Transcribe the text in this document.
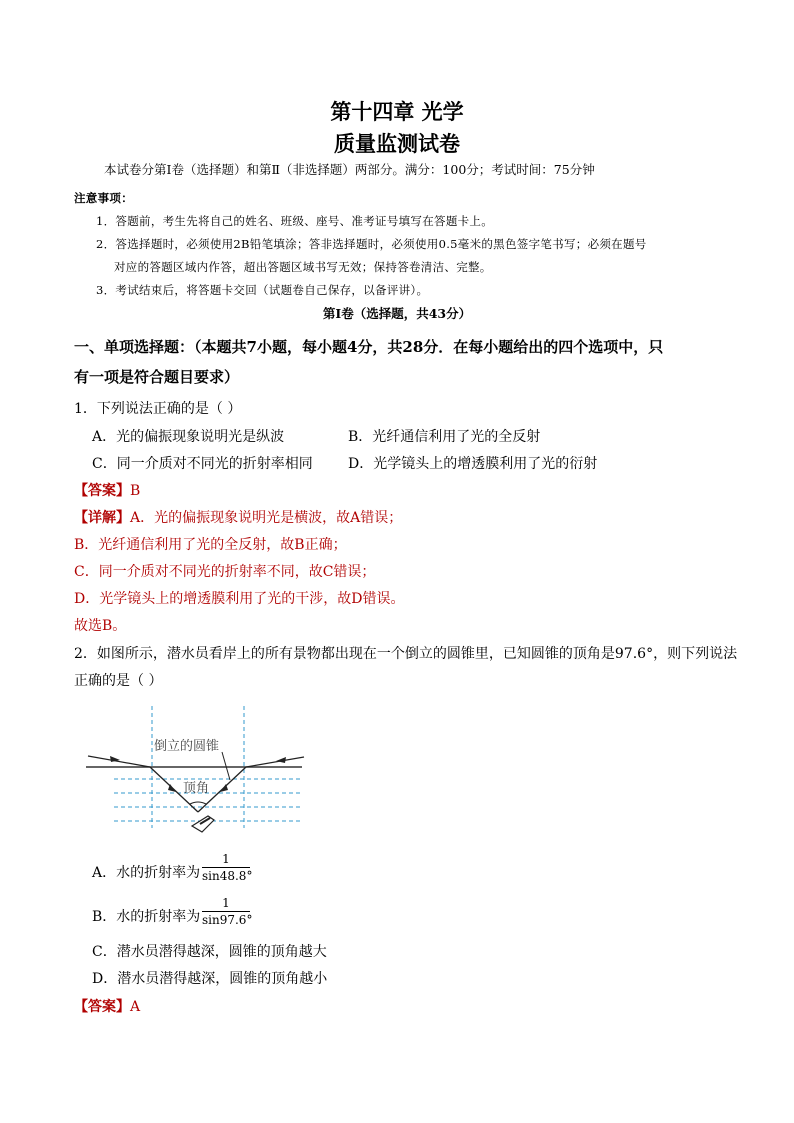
第十四章 光学
质量监测试卷
本试卷分第Ⅰ卷（选择题）和第Ⅱ（非选择题）两部分。满分：100分；考试时间：75分钟
注意事项：
1．答题前，考生先将自己的姓名、班级、座号、准考证号填写在答题卡上。
2．答选择题时，必须使用2B铅笔填涂；答非选择题时，必须使用0.5毫米的黑色签字笔书写；必须在题号
对应的答题区域内作答，超出答题区域书写无效；保持答卷清洁、完整。
3．考试结束后，将答题卡交回（试题卷自己保存，以备评讲）。
第Ⅰ卷（选择题，共43分）
一、单项选择题：（本题共7小题，每小题4分，共28分．在每小题给出的四个选项中，只
有一项是符合题目要求）
1．下列说法正确的是（ ）
A．光的偏振现象说明光是纵波	B．光纤通信利用了光的全反射
C．同一介质对不同光的折射率相同	D．光学镜头上的增透膜利用了光的衍射
【答案】B
【详解】A．光的偏振现象说明光是横波，故A错误；
B．光纤通信利用了光的全反射，故B正确；
C．同一介质对不同光的折射率不同，故C错误；
D．光学镜头上的增透膜利用了光的干涉，故D错误。
故选B。
2．如图所示，潜水员看岸上的所有景物都出现在一个倒立的圆锥里，已知圆锥的顶角是97.6°，则下列说法
正确的是（ ）
倒立的圆锥
顶角
A．水的折射率为
1
sin48.8°
B．水的折射率为
1
sin97.6°
C．潜水员潜得越深，圆锥的顶角越大
D．潜水员潜得越深，圆锥的顶角越小
【答案】A
